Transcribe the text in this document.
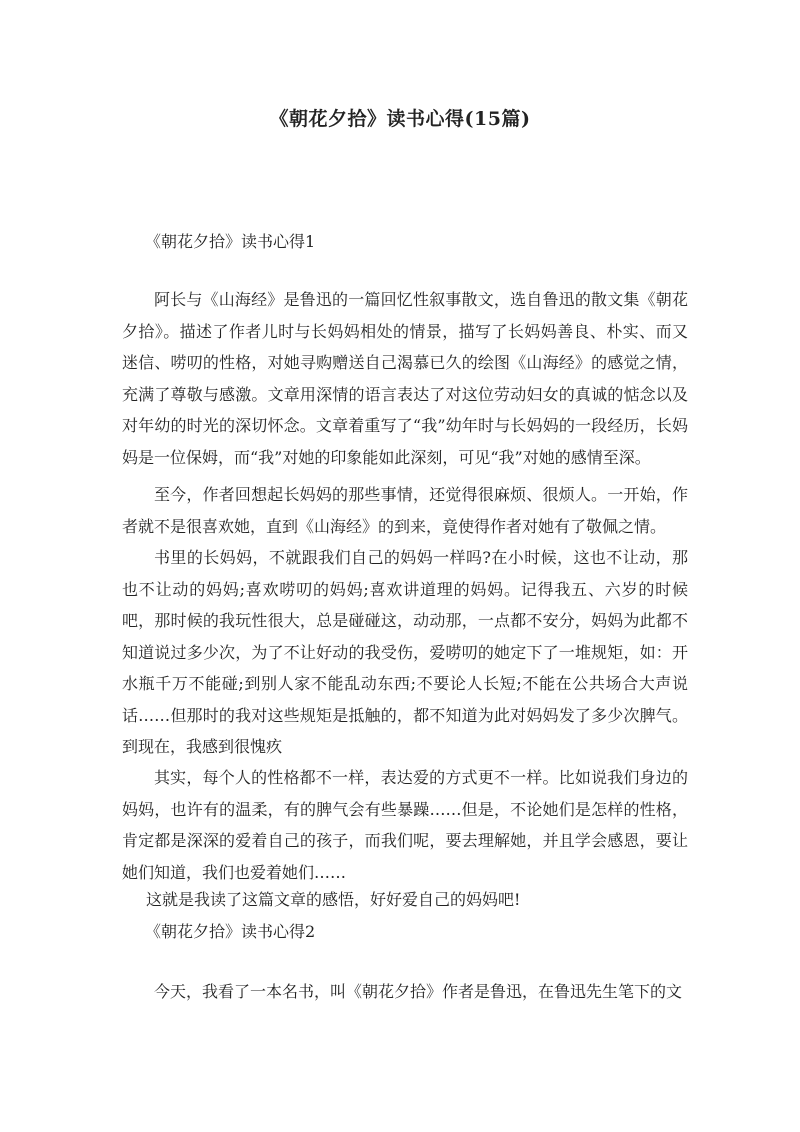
《朝花夕拾》读书心得(15篇)
《朝花夕拾》读书心得1

阿长与《山海经》是鲁迅的一篇回忆性叙事散文，选自鲁迅的散文集《朝花夕拾》。描述了作者儿时与长妈妈相处的情景，描写了长妈妈善良、朴实、而又迷信、唠叨的性格，对她寻购赠送自己渴慕已久的绘图《山海经》的感觉之情，充满了尊敬与感激。文章用深情的语言表达了对这位劳动妇女的真诚的惦念以及对年幼的时光的深切怀念。文章着重写了“我”幼年时与长妈妈的一段经历，长妈妈是一位保姆，而“我”对她的印象能如此深刻，可见“我”对她的感情至深。

至今，作者回想起长妈妈的那些事情，还觉得很麻烦、很烦人。一开始，作者就不是很喜欢她，直到《山海经》的到来，竟使得作者对她有了敬佩之情。

书里的长妈妈，不就跟我们自己的妈妈一样吗?在小时候，这也不让动，那也不让动的妈妈;喜欢唠叨的妈妈;喜欢讲道理的妈妈。记得我五、六岁的时候吧，那时候的我玩性很大，总是碰碰这，动动那，一点都不安分，妈妈为此都不知道说过多少次，为了不让好动的我受伤，爱唠叨的她定下了一堆规矩，如：开水瓶千万不能碰;到别人家不能乱动东西;不要论人长短;不能在公共场合大声说话……但那时的我对这些规矩是抵触的，都不知道为此对妈妈发了多少次脾气。到现在，我感到很愧疚

其实，每个人的性格都不一样，表达爱的方式更不一样。比如说我们身边的妈妈，也许有的温柔，有的脾气会有些暴躁……但是，不论她们是怎样的性格，肯定都是深深的爱着自己的孩子，而我们呢，要去理解她，并且学会感恩，要让她们知道，我们也爱着她们……

这就是我读了这篇文章的感悟，好好爱自己的妈妈吧!

《朝花夕拾》读书心得2

今天，我看了一本名书，叫《朝花夕拾》作者是鲁迅，在鲁迅先生笔下的文
